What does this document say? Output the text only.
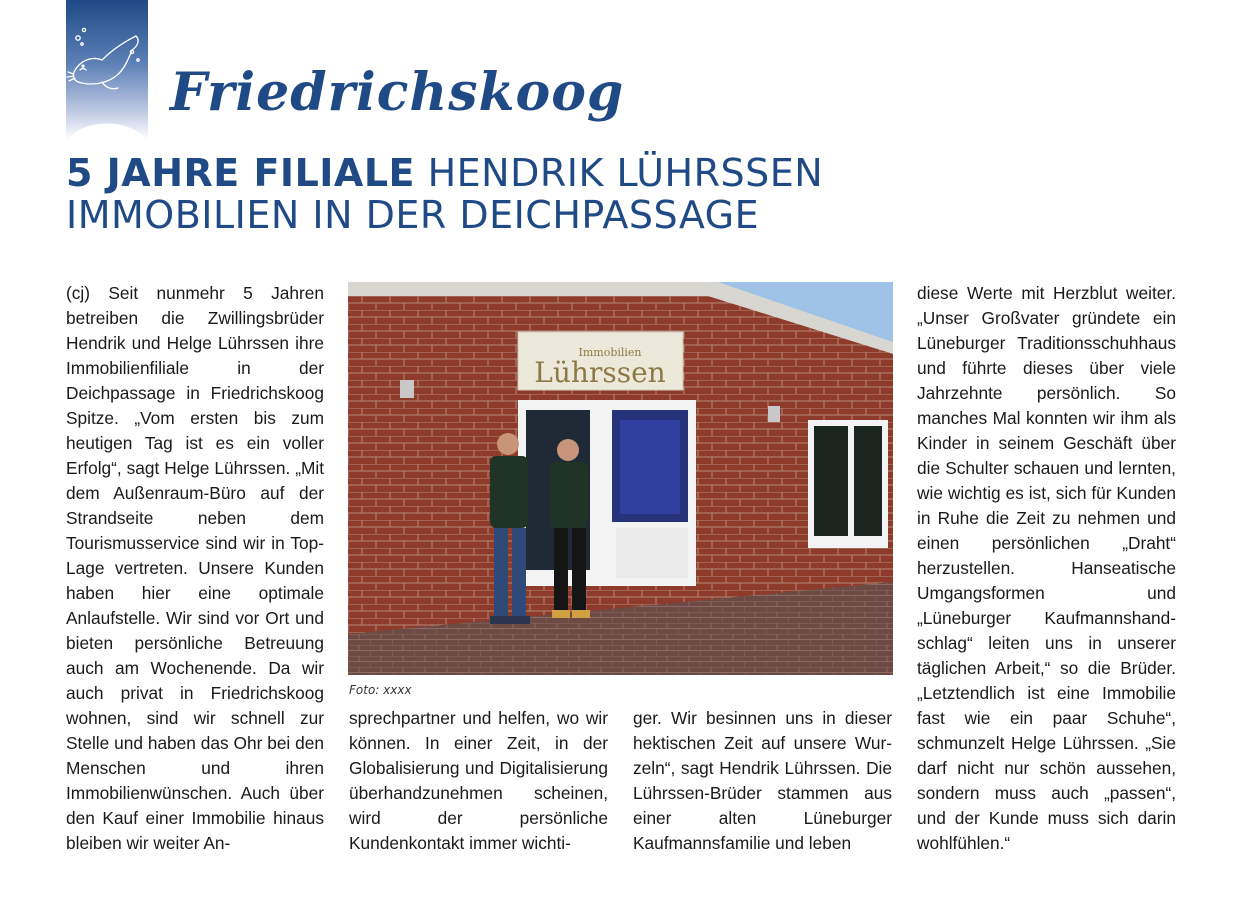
Friedrichskoog
5 JAHRE FILIALE HENDRIK LÜHRSSEN
IMMOBILIEN IN DER DEICHPASSAGE

(cj) Seit nunmehr 5 Jahren betreiben die Zwillingsbrüder Hendrik und Helge Lührssen ihre Immobilienfiliale in der Deichpassage in Friedrichskoog Spitze. „Vom ersten bis zum heutigen Tag ist es ein voller Erfolg“, sagt Helge Lührssen. „Mit dem Außenraum-Büro auf der Strandseite neben dem Tourismusservice sind wir in Top-Lage vertreten. Unsere Kunden haben hier eine optimale Anlaufstelle. Wir sind vor Ort und bieten persönliche Betreuung auch am Wochenende. Da wir auch privat in Friedrichskoog wohnen, sind wir schnell zur Stelle und haben das Ohr bei den Menschen und ihren Immobilienwünschen. Auch über den Kauf einer Immobilie hinaus bleiben wir weiter An-

Immobilien
Lührssen

Foto: xxxx

sprechpartner und helfen, wo wir können. In einer Zeit, in der Globalisierung und Digitalisierung überhandzunehmen scheinen, wird der persönliche Kundenkontakt immer wichti-

ger. Wir besinnen uns in dieser hektischen Zeit auf unsere Wurzeln“, sagt Hendrik Lührssen. Die Lührssen-Brüder stammen aus einer alten Lüneburger Kaufmannsfamilie und leben

diese Werte mit Herzblut weiter. „Unser Großvater gründete ein Lüneburger Traditionsschuhhaus und führte dieses über viele Jahrzehnte persönlich. So manches Mal konnten wir ihm als Kinder in seinem Geschäft über die Schulter schauen und lernten, wie wichtig es ist, sich für Kunden in Ruhe die Zeit zu nehmen und einen persönlichen „Draht“ herzustellen. Hanseatische Umgangsformen und „Lüneburger Kaufmannshandschlag“ leiten uns in unserer täglichen Arbeit,“ so die Brüder. „Letztendlich ist eine Immobilie fast wie ein paar Schuhe“, schmunzelt Helge Lührssen. „Sie darf nicht nur schön aussehen, sondern muss auch „passen“, und der Kunde muss sich darin wohlfühlen.“
